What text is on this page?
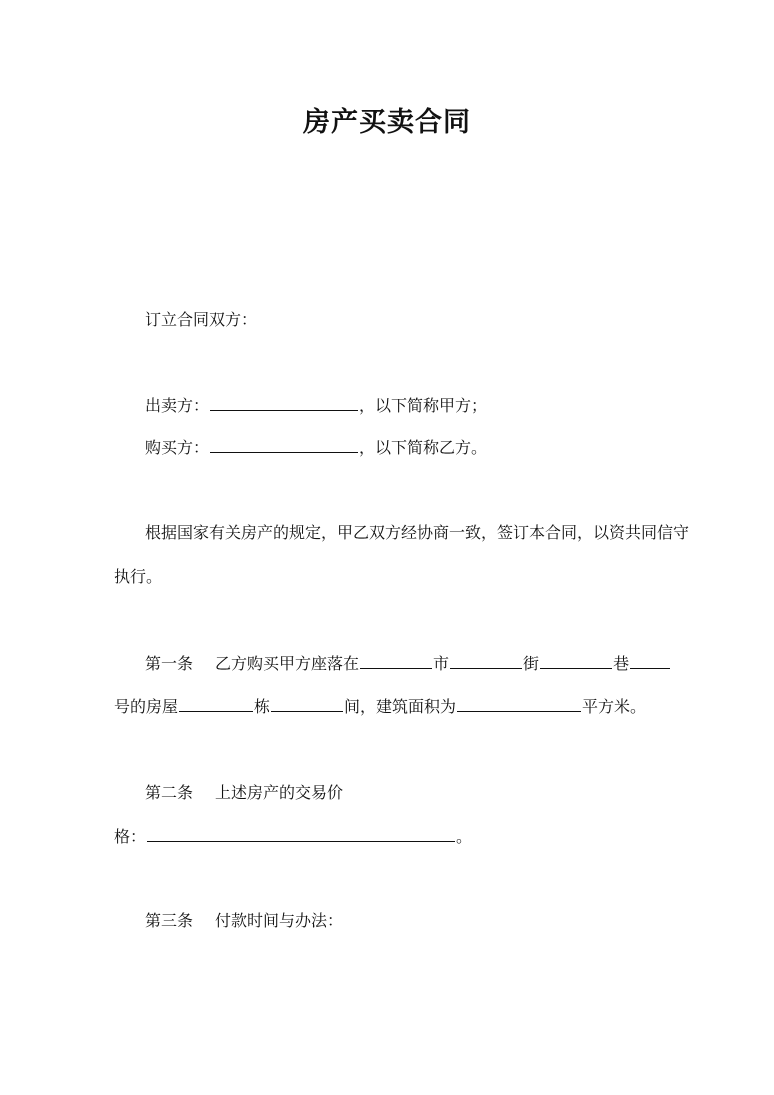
房产买卖合同
订立合同双方：
出卖方：	，以下简称甲方；
购买方：	，以下简称乙方。
根据国家有关房产的规定，甲乙双方经协商一致，签订本合同，以资共同信守
执行。
第一条 乙方购买甲方座落在	市	街	巷
号的房屋	栋	间，建筑面积为	平方米。
第二条 上述房产的交易价
格：	。
第三条 付款时间与办法：
